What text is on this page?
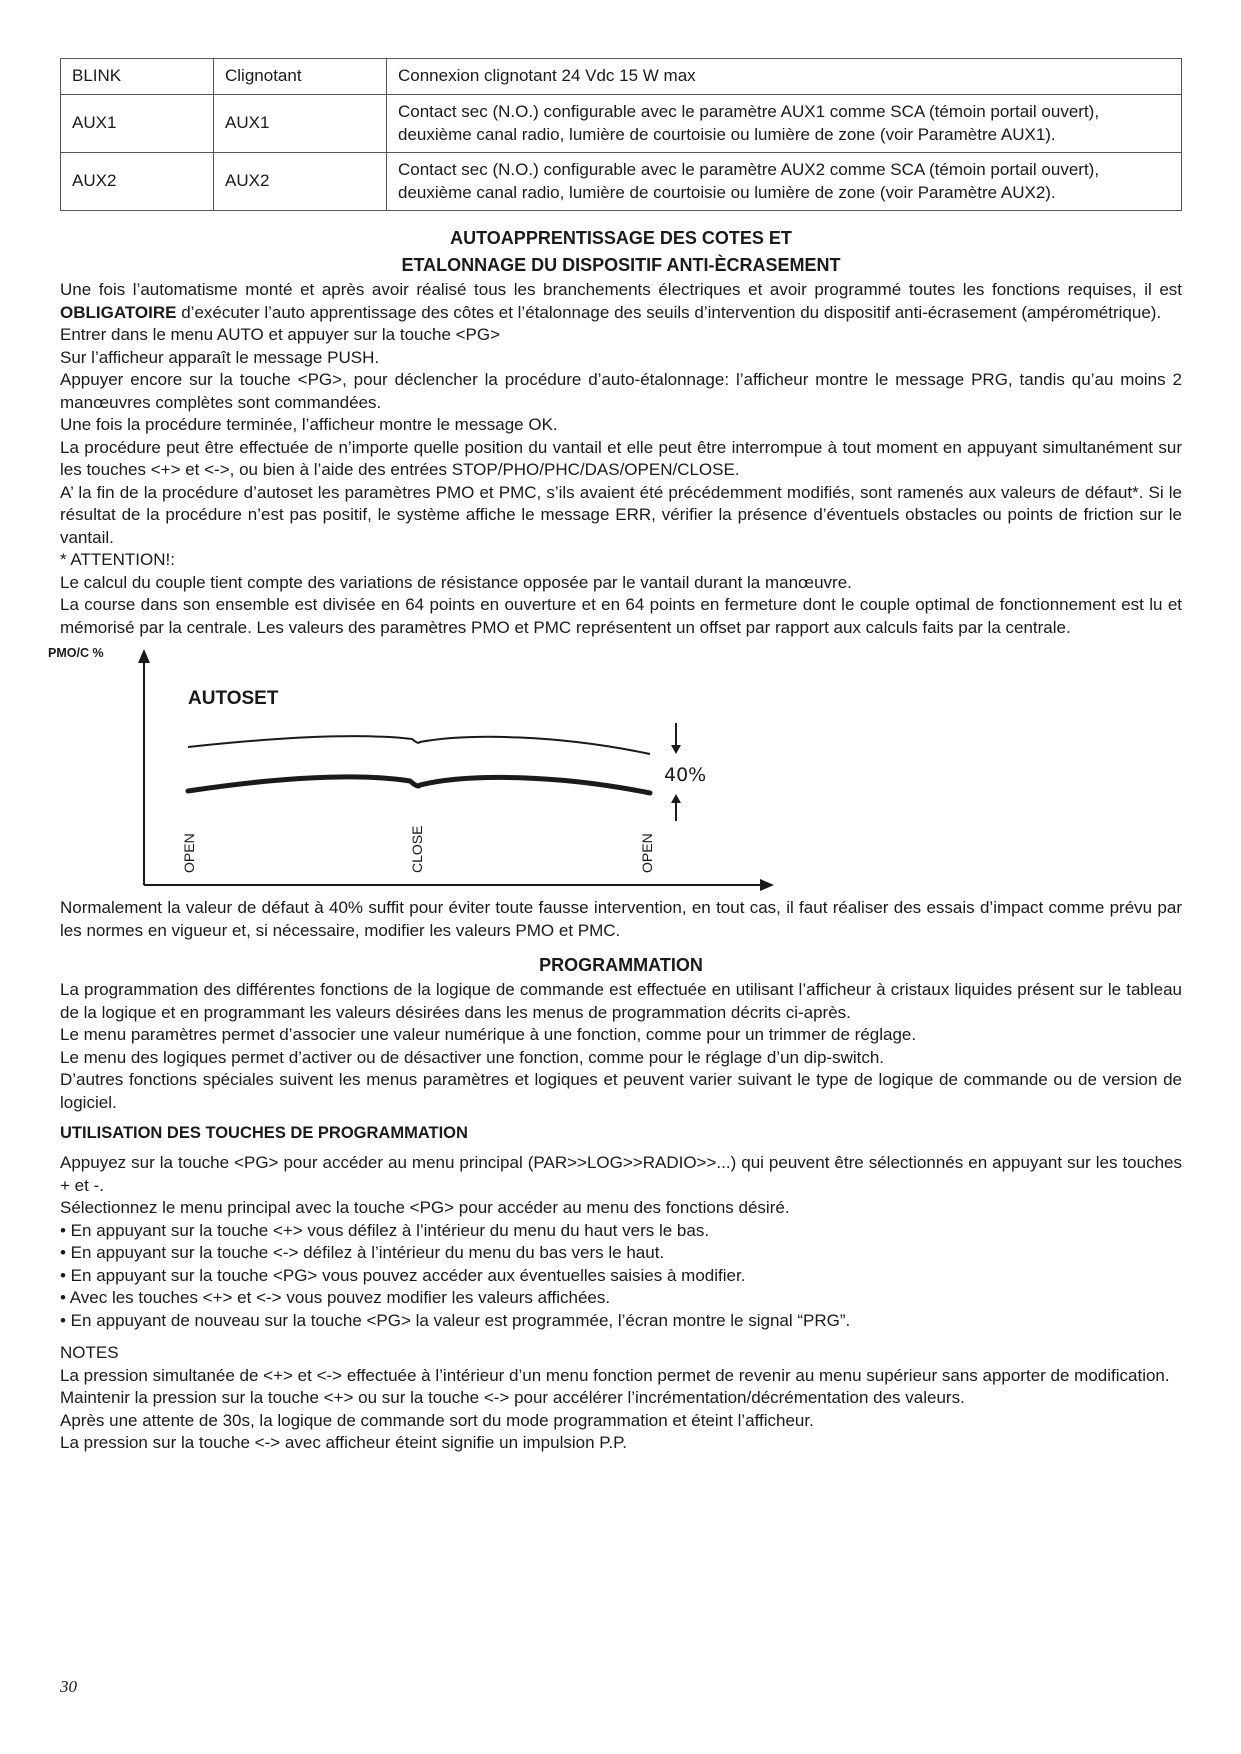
BLINK	Clignotant	Connexion clignotant 24 Vdc 15 W max
AUX1	AUX1	Contact sec (N.O.) configurable avec le paramètre AUX1 comme SCA (témoin portail ouvert),
deuxième canal radio, lumière de courtoisie ou lumière de zone (voir Paramètre AUX1).
AUX2	AUX2	Contact sec (N.O.) configurable avec le paramètre AUX2 comme SCA (témoin portail ouvert),
deuxième canal radio, lumière de courtoisie ou lumière de zone (voir Paramètre AUX2).
AUTOAPPRENTISSAGE DES COTES ET
ETALONNAGE DU DISPOSITIF ANTI-ÈCRASEMENT

Une fois l’automatisme monté et après avoir réalisé tous les branchements électriques et avoir programmé toutes les fonctions requises, il est OBLIGATOIRE d’exécuter l’auto apprentissage des côtes et l’étalonnage des seuils d’intervention du dispositif anti-écrasement (ampérométrique).

Entrer dans le menu AUTO et appuyer sur la touche <PG>

Sur l’afficheur apparaît le message PUSH.

Appuyer encore sur la touche <PG>, pour déclencher la procédure d’auto-étalonnage: l’afficheur montre le message PRG, tandis qu’au moins 2 manœuvres complètes sont commandées.

Une fois la procédure terminée, l’afficheur montre le message OK.

La procédure peut être effectuée de n’importe quelle position du vantail et elle peut être interrompue à tout moment en appuyant simultanément sur les touches <+> et <->, ou bien à l’aide des entrées STOP/PHO/PHC/DAS/OPEN/CLOSE.

A’ la fin de la procédure d’autoset les paramètres PMO et PMC, s’ils avaient été précédemment modifiés, sont ramenés aux valeurs de défaut*. Si le résultat de la procédure n’est pas positif, le système affiche le message ERR, vérifier la présence d’éventuels obstacles ou points de friction sur le vantail.

* ATTENTION!:

Le calcul du couple tient compte des variations de résistance opposée par le vantail durant la manœuvre.

La course dans son ensemble est divisée en 64 points en ouverture et en 64 points en fermeture dont le couple optimal de fonctionnement est lu et mémorisé par la centrale. Les valeurs des paramètres PMO et PMC représentent un offset par rapport aux calculs faits par la centrale.

PMO/C %
AUTOSET
40%
OPEN	CLOSE	OPEN

Normalement la valeur de défaut à 40% suffit pour éviter toute fausse intervention, en tout cas, il faut réaliser des essais d’impact comme prévu par les normes en vigueur et, si nécessaire, modifier les valeurs PMO et PMC.

PROGRAMMATION

La programmation des différentes fonctions de la logique de commande est effectuée en utilisant l’afficheur à cristaux liquides présent sur le tableau de la logique et en programmant les valeurs désirées dans les menus de programmation décrits ci-après.

Le menu paramètres permet d’associer une valeur numérique à une fonction, comme pour un trimmer de réglage.

Le menu des logiques permet d’activer ou de désactiver une fonction, comme pour le réglage d’un dip-switch.

D’autres fonctions spéciales suivent les menus paramètres et logiques et peuvent varier suivant le type de logique de commande ou de version de logiciel.

UTILISATION DES TOUCHES DE PROGRAMMATION

Appuyez sur la touche <PG> pour accéder au menu principal (PAR>>LOG>>RADIO>>...) qui peuvent être sélectionnés en appuyant sur les touches + et -.

Sélectionnez le menu principal avec la touche <PG> pour accéder au menu des fonctions désiré.

• En appuyant sur la touche <+> vous défilez à l’intérieur du menu du haut vers le bas.

• En appuyant sur la touche <-> défilez à l’intérieur du menu du bas vers le haut.

• En appuyant sur la touche <PG> vous pouvez accéder aux éventuelles saisies à modifier.

• Avec les touches <+> et <-> vous pouvez modifier les valeurs affichées.

• En appuyant de nouveau sur la touche <PG> la valeur est programmée, l’écran montre le signal “PRG”.

NOTES

La pression simultanée de <+> et <-> effectuée à l’intérieur d’un menu fonction permet de revenir au menu supérieur sans apporter de modification.

Maintenir la pression sur la touche <+> ou sur la touche <-> pour accélérer l’incrémentation/décrémentation des valeurs.

Après une attente de 30s, la logique de commande sort du mode programmation et éteint l’afficheur.

La pression sur la touche <-> avec afficheur éteint signifie un impulsion P.P.

30
